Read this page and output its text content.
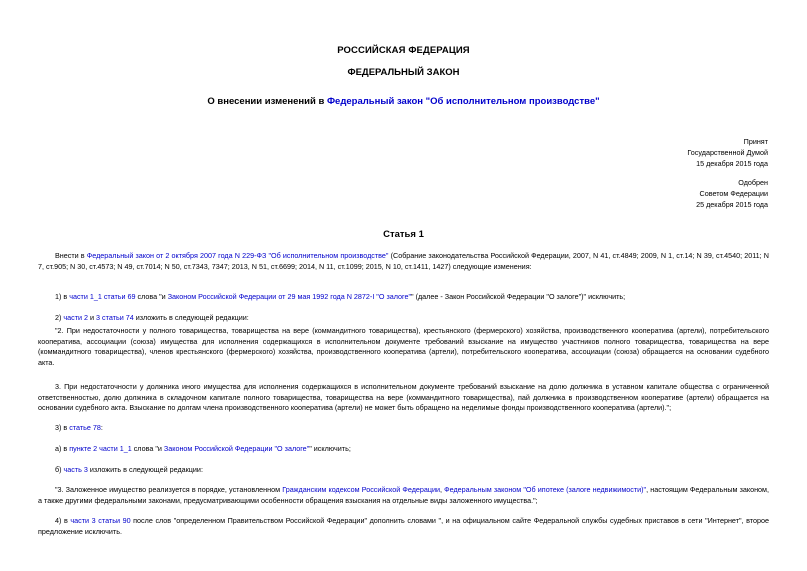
РОССИЙСКАЯ ФЕДЕРАЦИЯ
ФЕДЕРАЛЬНЫЙ ЗАКОН
О внесении изменений в Федеральный закон "Об исполнительном производстве"
Принят
Государственной Думой
15 декабря 2015 года
Одобрен
Советом Федерации
25 декабря 2015 года
Статья 1

Внести в Федеральный закон от 2 октября 2007 года N 229-ФЗ "Об исполнительном производстве" (Собрание законодательства Российской Федерации, 2007, N 41, ст.4849; 2009, N 1, ст.14; N 39, ст.4540; 2011; N 7, ст.905; N 30, ст.4573; N 49, ст.7014; N 50, ст.7343, 7347; 2013, N 51, ст.6699; 2014, N 11, ст.1099; 2015, N 10, ст.1411, 1427) следующие изменения:

1) в части 1_1 статьи 69 слова "и Законом Российской Федерации от 29 мая 1992 года N 2872-I "О залоге"" (далее - Закон Российской Федерации "О залоге")" исключить;

2) части 2 и 3 статьи 74 изложить в следующей редакции:

"2. При недостаточности у полного товарищества, товарищества на вере (коммандитного товарищества), крестьянского (фермерского) хозяйства, производственного кооператива (артели), потребительского кооператива, ассоциации (союза) имущества для исполнения содержащихся в исполнительном документе требований взыскание на имущество участников полного товарищества, товарищества на вере (коммандитного товарищества), членов крестьянского (фермерского) хозяйства, производственного кооператива (артели), потребительского кооператива, ассоциации (союза) обращается на основании судебного акта.

3. При недостаточности у должника иного имущества для исполнения содержащихся в исполнительном документе требований взыскание на долю должника в уставном капитале общества с ограниченной ответственностью, долю должника в складочном капитале полного товарищества, товарищества на вере (коммандитного товарищества), пай должника в производственном кооперативе (артели) обращается на основании судебного акта. Взыскание по долгам члена производственного кооператива (артели) не может быть обращено на неделимые фонды производственного кооператива (артели).";

3) в статье 78:

а) в пункте 2 части 1_1 слова "и Законом Российской Федерации "О залоге"" исключить;

б) часть 3 изложить в следующей редакции:

"3. Заложенное имущество реализуется в порядке, установленном Гражданским кодексом Российской Федерации, Федеральным законом "Об ипотеке (залоге недвижимости)", настоящим Федеральным законом, а также другими федеральными законами, предусматривающими особенности обращения взыскания на отдельные виды заложенного имущества.";

4) в части 3 статьи 90 после слов "определенном Правительством Российской Федерации" дополнить словами ", и на официальном сайте Федеральной службы судебных приставов в сети "Интернет", второе предложение исключить.
